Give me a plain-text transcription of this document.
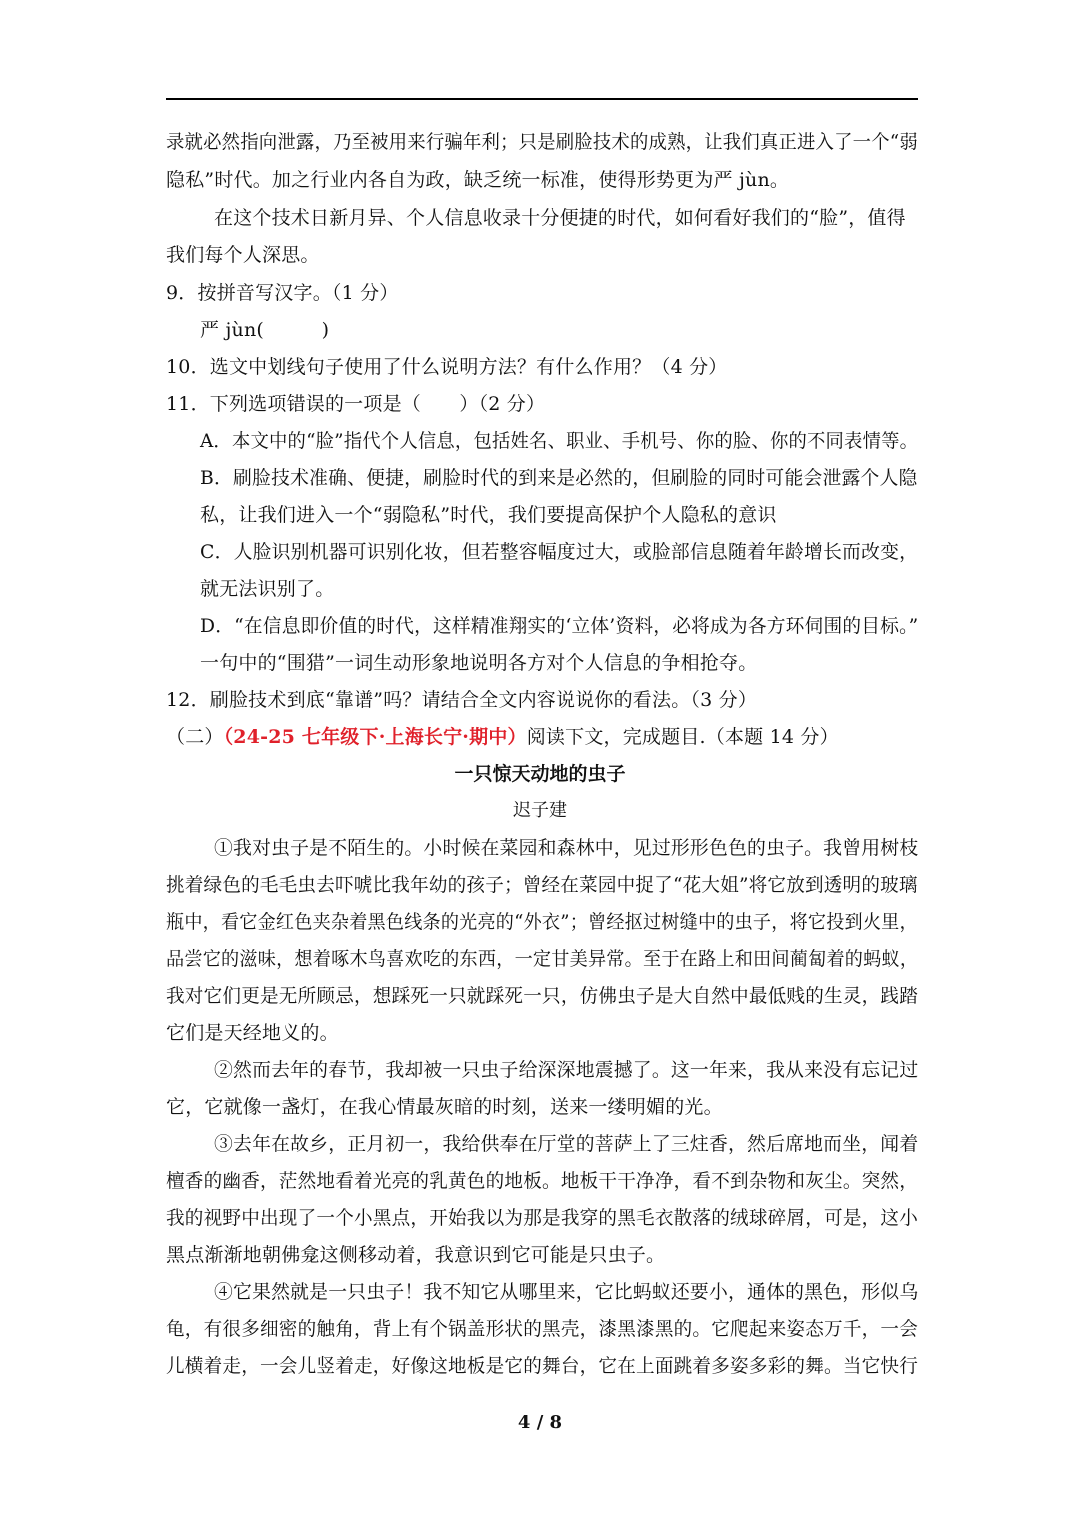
录就必然指向泄露，乃至被用来行骗年利；只是刷脸技术的成熟，让我们真正进入了一个“弱
隐私”时代。加之行业内各自为政，缺乏统一标准，使得形势更为严 jùn。
在这个技术日新月异、个人信息收录十分便捷的时代，如何看好我们的“脸”，值得
我们每个人深思。
9．按拼音写汉字。（1 分）
严 jùn(　　　)
10．选文中划线句子使用了什么说明方法？有什么作用？（4 分）
11．下列选项错误的一项是（　　）（2 分）
A．本文中的“脸”指代个人信息，包括姓名、职业、手机号、你的脸、你的不同表情等。
B．刷脸技术准确、便捷，刷脸时代的到来是必然的，但刷脸的同时可能会泄露个人隐
私，让我们进入一个“弱隐私”时代，我们要提高保护个人隐私的意识
C．人脸识别机器可识别化妆，但若整容幅度过大，或脸部信息随着年龄增长而改变，
就无法识别了。
D．“在信息即价值的时代，这样精准翔实的‘立体’资料，必将成为各方环伺围的目标。”
一句中的“围猎”一词生动形象地说明各方对个人信息的争相抢夺。
12．刷脸技术到底“靠谱”吗？请结合全文内容说说你的看法。（3 分）
（二）（24-25 七年级下·上海长宁·期中）阅读下文，完成题目.（本题 14 分）
一只惊天动地的虫子
迟子建
①我对虫子是不陌生的。小时候在菜园和森林中，见过形形色色的虫子。我曾用树枝
挑着绿色的毛毛虫去吓唬比我年幼的孩子；曾经在菜园中捉了“花大姐”将它放到透明的玻璃
瓶中，看它金红色夹杂着黑色线条的光亮的“外衣”；曾经抠过树缝中的虫子，将它投到火里，
品尝它的滋味，想着啄木鸟喜欢吃的东西，一定甘美异常。至于在路上和田间蔺匐着的蚂蚁，
我对它们更是无所顾忌，想踩死一只就踩死一只，仿佛虫子是大自然中最低贱的生灵，践踏
它们是天经地义的。
②然而去年的春节，我却被一只虫子给深深地震撼了。这一年来，我从来没有忘记过
它，它就像一盏灯，在我心情最灰暗的时刻，送来一缕明媚的光。
③去年在故乡，正月初一，我给供奉在厅堂的菩萨上了三炷香，然后席地而坐，闻着
檀香的幽香，茫然地看着光亮的乳黄色的地板。地板干干净净，看不到杂物和灰尘。突然，
我的视野中出现了一个小黑点，开始我以为那是我穿的黑毛衣散落的绒球碎屑，可是，这小
黑点渐渐地朝佛龛这侧移动着，我意识到它可能是只虫子。
④它果然就是一只虫子！我不知它从哪里来，它比蚂蚁还要小，通体的黑色，形似乌
龟，有很多细密的触角，背上有个锅盖形状的黑壳，漆黑漆黑的。它爬起来姿态万千，一会
儿横着走，一会儿竖着走，好像这地板是它的舞台，它在上面跳着多姿多彩的舞。当它快行
4 / 8
